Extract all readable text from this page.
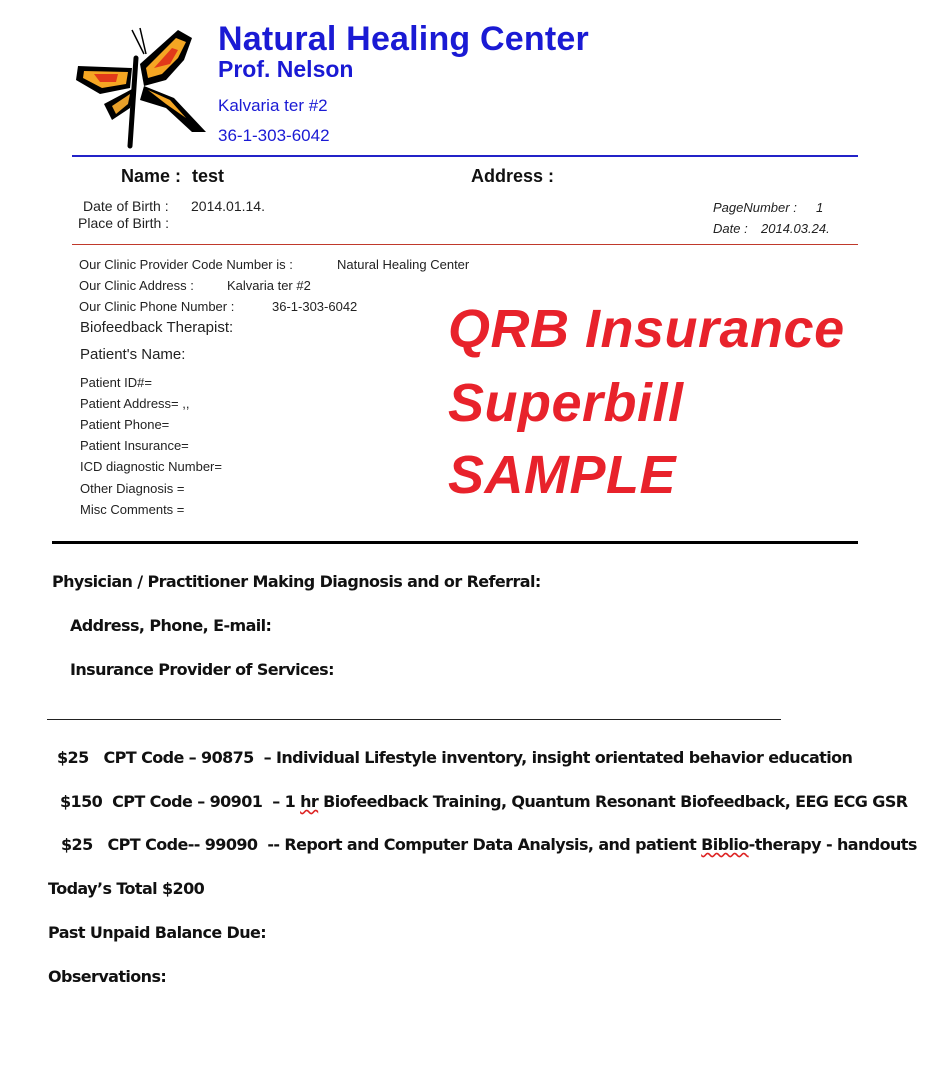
Natural Healing Center
Prof. Nelson
Kalvaria ter #2
36-1-303-6042
Name : test	Address :
Date of Birth : 2014.01.14.
Place of Birth :
PageNumber : 1
Date : 2014.03.24.
Our Clinic Provider Code Number is :	Natural Healing Center
Our Clinic Address :	Kalvaria ter #2
Our Clinic Phone Number :	36-1-303-6042
Biofeedback Therapist:
Patient's Name:
Patient ID#=
Patient Address= ,,
Patient Phone=
Patient Insurance=
ICD diagnostic Number=
Other Diagnosis =
Misc Comments =
QRB Insurance
Superbill
SAMPLE
Physician / Practitioner Making Diagnosis and or Referral:
Address, Phone, E-mail:
Insurance Provider of Services:
$25   CPT Code – 90875  – Individual Lifestyle inventory, insight orientated behavior education
$150  CPT Code – 90901  – 1 hr Biofeedback Training, Quantum Resonant Biofeedback, EEG ECG GSR
$25   CPT Code-- 99090  -- Report and Computer Data Analysis, and patient Biblio-therapy - handouts
Today’s Total $200
Past Unpaid Balance Due:
Observations:
